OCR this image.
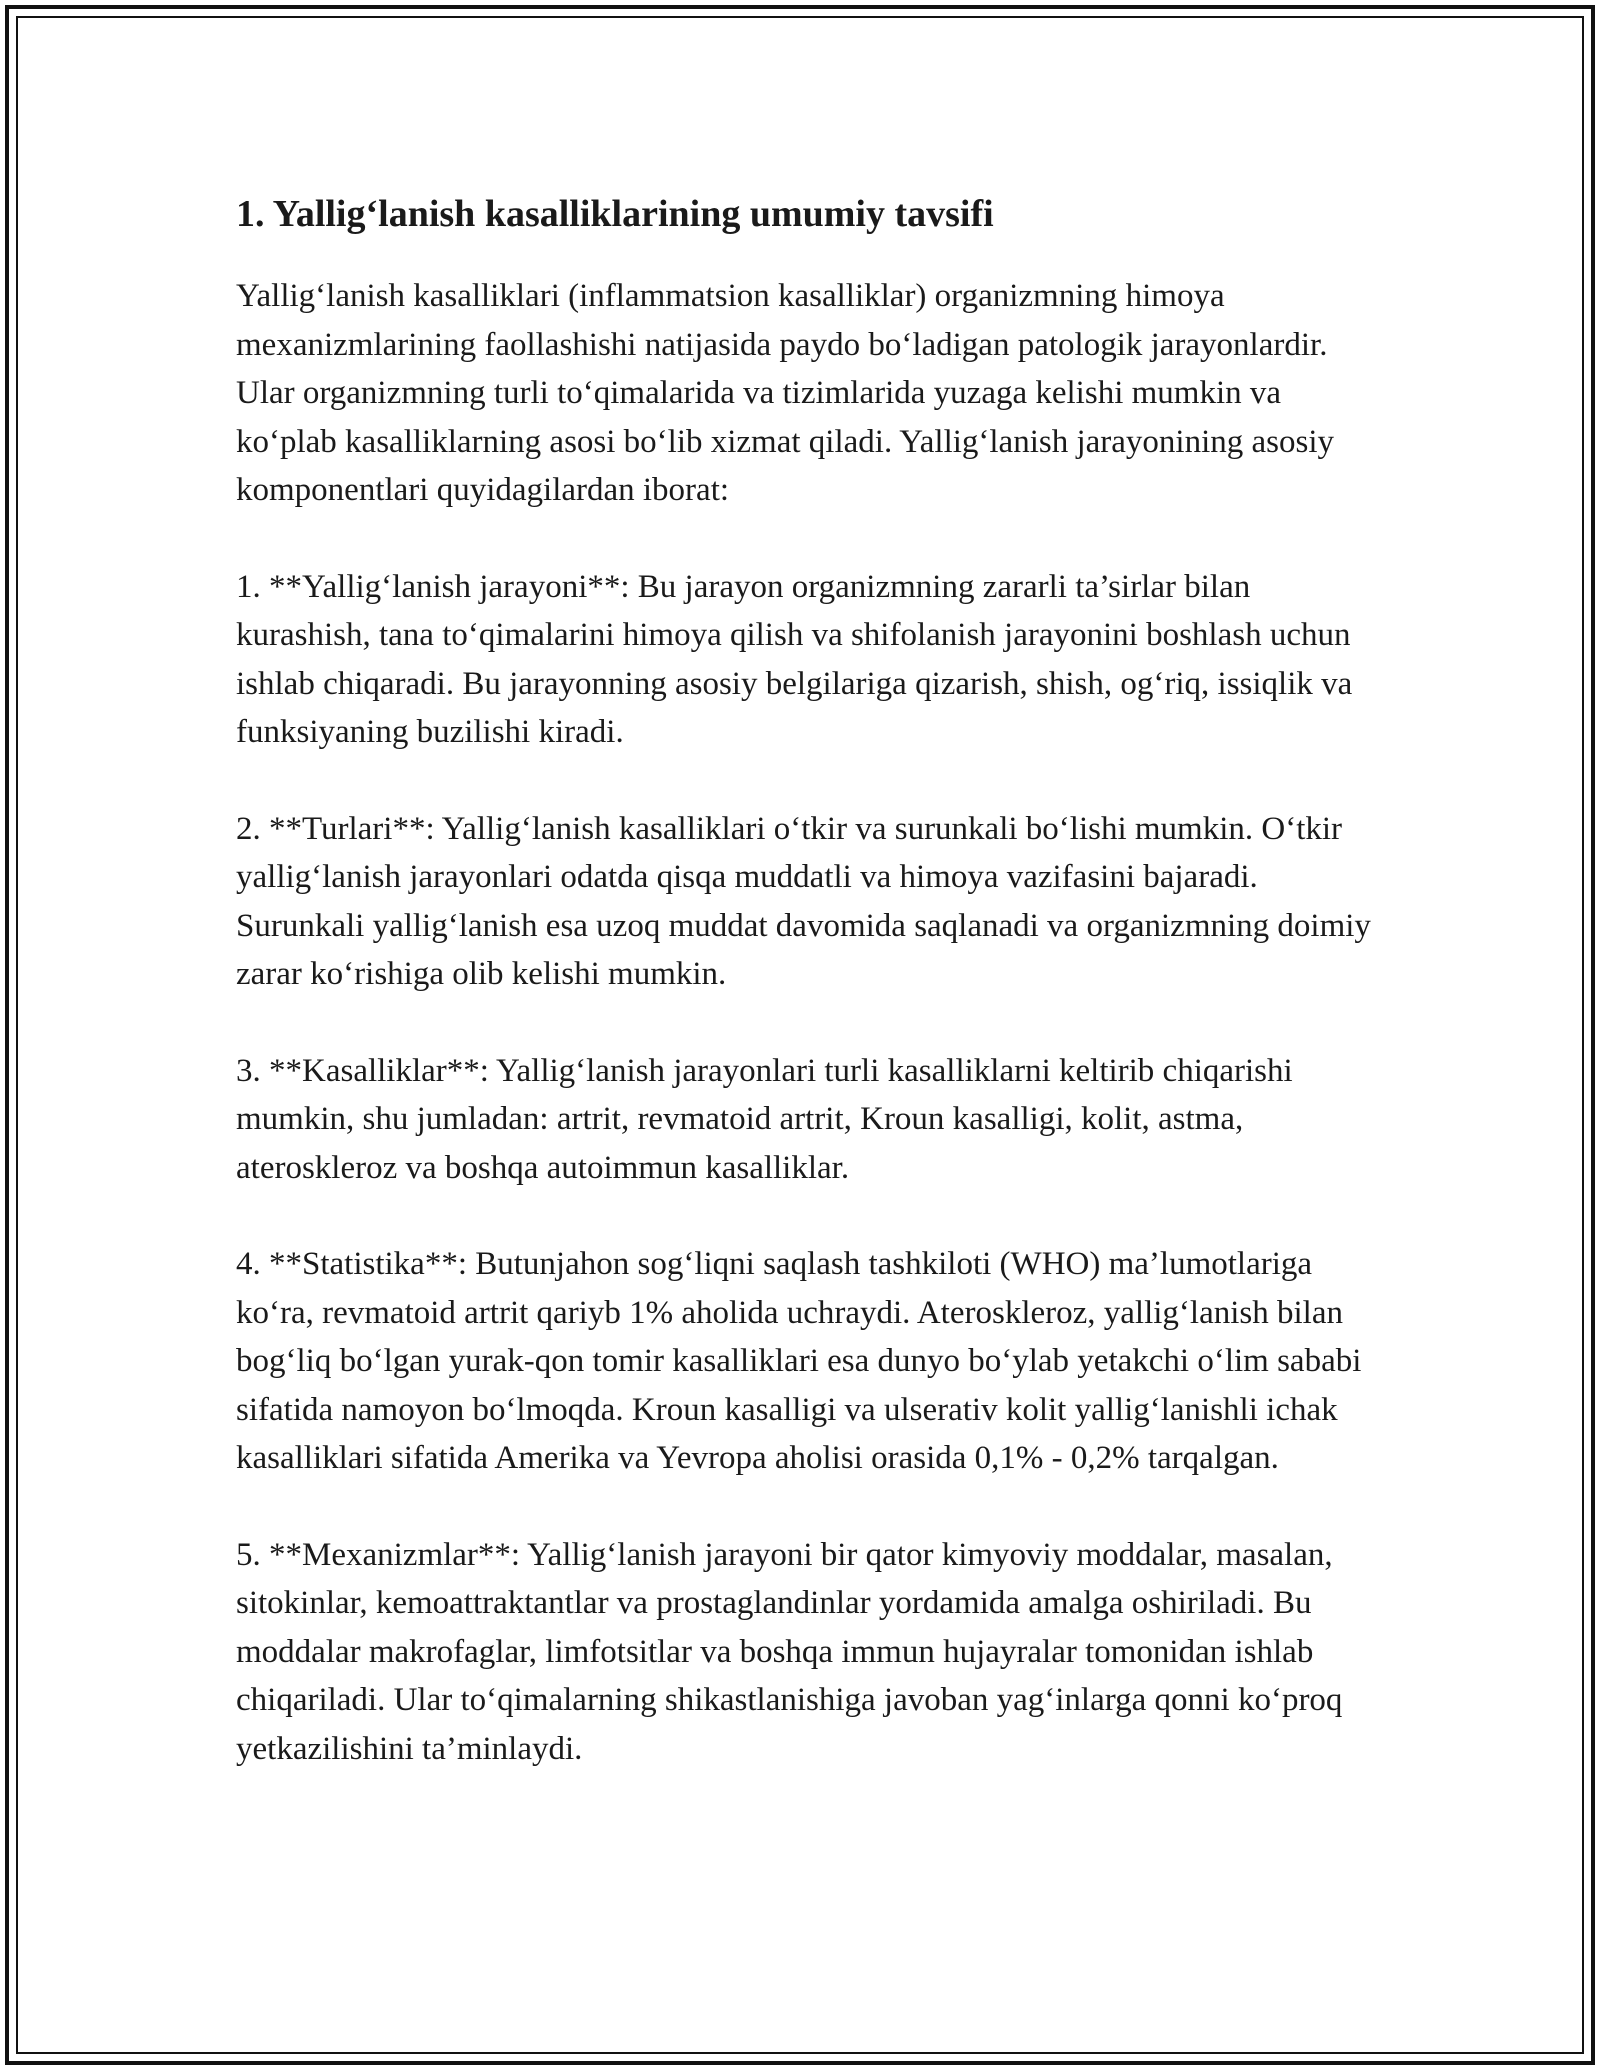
1. Yallig‘lanish kasalliklarining umumiy tavsifi

Yallig‘lanish kasalliklari (inflammatsion kasalliklar) organizmning himoya mexanizmlarining faollashishi natijasida paydo bo‘ladigan patologik jarayonlardir. Ular organizmning turli to‘qimalarida va tizimlarida yuzaga kelishi mumkin va ko‘plab kasalliklarning asosi bo‘lib xizmat qiladi. Yallig‘lanish jarayonining asosiy komponentlari quyidagilardan iborat:

1. **Yallig‘lanish jarayoni**: Bu jarayon organizmning zararli ta’sirlar bilan kurashish, tana to‘qimalarini himoya qilish va shifolanish jarayonini boshlash uchun ishlab chiqaradi. Bu jarayonning asosiy belgilariga qizarish, shish, og‘riq, issiqlik va funksiyaning buzilishi kiradi.

2. **Turlari**: Yallig‘lanish kasalliklari o‘tkir va surunkali bo‘lishi mumkin. O‘tkir yallig‘lanish jarayonlari odatda qisqa muddatli va himoya vazifasini bajaradi. Surunkali yallig‘lanish esa uzoq muddat davomida saqlanadi va organizmning doimiy zarar ko‘rishiga olib kelishi mumkin.

3. **Kasalliklar**: Yallig‘lanish jarayonlari turli kasalliklarni keltirib chiqarishi mumkin, shu jumladan: artrit, revmatoid artrit, Kroun kasalligi, kolit, astma, ateroskleroz va boshqa autoimmun kasalliklar.

4. **Statistika**: Butunjahon sog‘liqni saqlash tashkiloti (WHO) ma’lumotlariga ko‘ra, revmatoid artrit qariyb 1% aholida uchraydi. Ateroskleroz, yallig‘lanish bilan bog‘liq bo‘lgan yurak-qon tomir kasalliklari esa dunyo bo‘ylab yetakchi o‘lim sababi sifatida namoyon bo‘lmoqda. Kroun kasalligi va ulserativ kolit yallig‘lanishli ichak kasalliklari sifatida Amerika va Yevropa aholisi orasida 0,1% - 0,2% tarqalgan.

5. **Mexanizmlar**: Yallig‘lanish jarayoni bir qator kimyoviy moddalar, masalan, sitokinlar, kemoattraktantlar va prostaglandinlar yordamida amalga oshiriladi. Bu moddalar makrofaglar, limfotsitlar va boshqa immun hujayralar tomonidan ishlab chiqariladi. Ular to‘qimalarning shikastlanishiga javoban yag‘inlarga qonni ko‘proq yetkazilishini ta’minlaydi.
